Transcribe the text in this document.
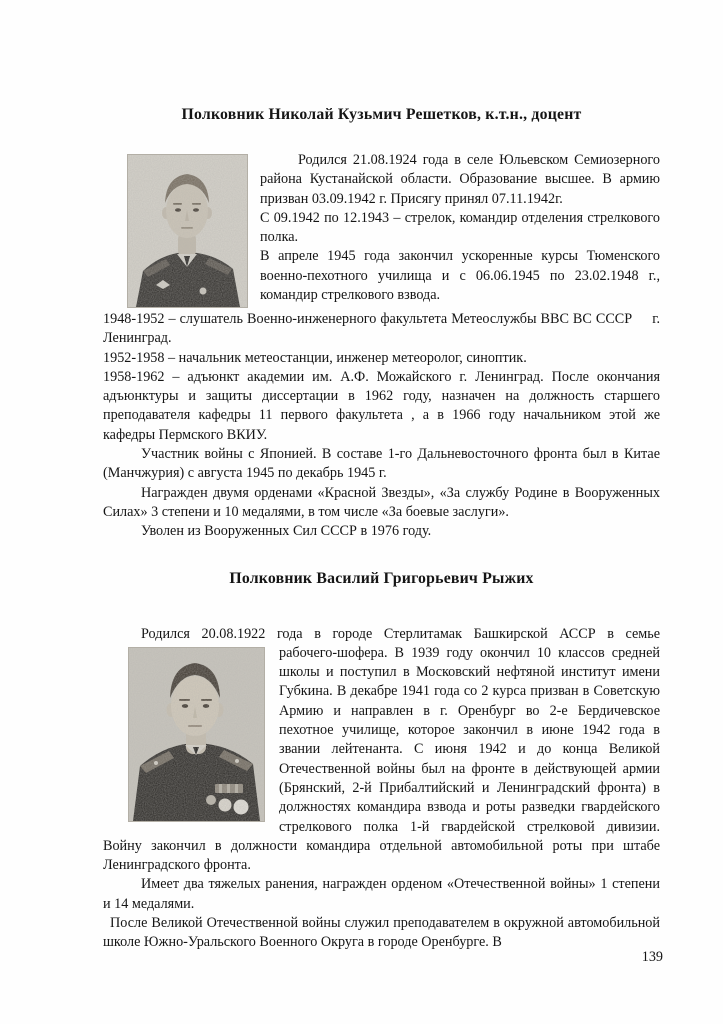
Полковник Николай Кузьмич Решетков, к.т.н., доцент

Родился 21.08.1924 года в селе Юльевском Семиозерного района Кустанайской области. Образование высшее. В армию призван 03.09.1942 г. Присягу принял 07.11.1942г.

С 09.1942 по 12.1943 – стрелок, командир отделения стрелкового полка.

В апреле 1945 года закончил ускоренные курсы Тюменского военно-пехотного училища и с 06.06.1945 по 23.02.1948 г., командир стрелкового взвода.

1948-1952 – слушатель Военно-инженерного факультета Метеослужбы ВВС ВС СССР     г. Ленинград.

1952-1958 – начальник метеостанции, инженер метеоролог, синоптик.

1958-1962 – адъюнкт академии им. А.Ф. Можайского г. Ленинград. После окончания адъюнктуры и защиты диссертации в 1962 году, назначен на должность старшего преподавателя кафедры 11 первого факультета , а в 1966 году начальником этой же кафедры Пермского ВКИУ.

Участник войны с Японией. В составе 1-го Дальневосточного фронта был в Китае (Манчжурия) с августа 1945 по декабрь 1945 г.

Награжден двумя орденами «Красной Звезды», «За службу Родине в Вооруженных Силах» 3 степени и 10 медалями, в том числе «За боевые заслуги».

Уволен из Вооруженных Сил СССР в 1976 году.

Полковник Василий Григорьевич Рыжих
Родился 20.08.1922 года в городе Стерлитамак Башкирской АССР в семье

рабочего-шофера. В 1939 году окончил 10 классов средней школы и поступил в Московский нефтяной институт имени Губкина. В декабре 1941 года со 2 курса призван в Советскую Армию и направлен в г. Оренбург во 2-е Бердичевское пехотное училище, которое закончил в июне 1942 года в звании лейтенанта. С июня 1942 и до конца Великой Отечественной войны был на фронте в действующей армии (Брянский, 2-й Прибалтийский и Ленинградский фронта) в должностях командира взвода и роты разведки гвардейского стрелкового полка 1-й гвардейской стрелковой дивизии. Войну закончил в должности командира отдельной автомобильной роты при штабе Ленинградского фронта.

Имеет два тяжелых ранения, награжден орденом «Отечественной войны» 1 степени и 14 медалями.

После Великой Отечественной войны служил преподавателем в окружной автомобильной школе Южно-Уральского Военного Округа в городе Оренбурге. В

139
